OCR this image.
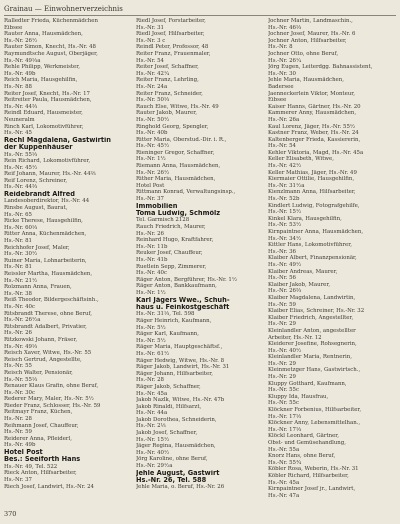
Grainau — Einwohnerverzeichnis
Ralledter Frieda, Küchenmädchen
Eibsee
Rauter Anna, Hausmädchen,
Hs.-Nr. 26½
Rauter Simon, Knecht, Hs.-Nr. 48
Raymundtsche August, Oberjäger,
Hs.-Nr. 49⅓a
Rehle Philipp, Werkmeister,
Hs.-Nr. 49b
Reich Maria, Hausgehilfin,
Hs.-Nr. 88
Reiter Josef, Knecht, Hs.-Nr. 17
Reitreiter Paula, Hausmädchen,
Hs.-Nr. 44⅔
Reindl Eduard, Hausmeister,
Neuneralm
Rinch Karl, Lokomotivführer,
Hs.-Nr. 45
Rechl Magdalena, Gastwirtin
der Kuppenhäuser
Hs.-Nr. 55⅓
Rein Richard, Lokomotivführer,
Hs.-Nr. 45½
Reif Johann, Maurer, Hs.-Nr. 44⅔
Reif Lorenz, Schreiner,
Hs.-Nr. 44⅔
Reidebrandt Alfred
Landesoberdirektor, Hs.-Nr. 44
Rinsbe August, Baurat,
Hs.-Nr. 65
Ricke Therese, Hausgehilfin,
Hs.-Nr. 60⅓
Ritter Anna, Küchenmädchen,
Hs.-Nr. 81
Reichhofer Josef, Maler,
Hs.-Nr. 30½
Ruiner Maria, Lohnarbeiterin,
Hs.-Nr. 81
Reissler Martha, Hausmädchen,
Hs.-Nr. 21½
Rolzmann Anna, Frauen,
Hs.-Nr. 38
Reiß Theodor, Bildergeschäftsinh.,
Hs.-Nr. 40c
Ritsbrandt Therese, ohne Beruf,
Hs.-Nr. 26½a
Ritsbrandt Adalbert, Privatier,
Hs.-Nr. 26
Ritzkowski Johann, Fräser,
Hs.-Nr. 49⅓
Reisch Xaver, Witwe, Hs.-Nr. 55
Reisch Gertrud, Angestellte,
Hs.-Nr. 55
Reisch Walter, Pensionär,
Hs.-Nr. 55⅓
Renauer Klaus Grafin, ohne Beruf,
Hs.-Nr. 30c
Rederer Mary, Maler, Hs.-Nr. 5½
Rieder Franz, Schlosser, Hs.-Nr. 59
Reitmayr Franz, Küchen,
Hs.-Nr. 28
Reihmann Josef, Chauffeur,
Hs.-Nr. 59
Reiderer Anna, Pfleiderl,
Hs.-Nr. 49b
Hotel Post
Bes.: Seeiforth Hans
Hs.-Nr. 49, Tel. 522
Rieck Anton, Hilfsarbeiter,
Hs.-Nr. 37
Riech Josef, Landwirt, Hs.-Nr. 24
Riedl Josef, Forstarbeiter,
Hs.-Nr. 31
Riedl Josef, Hilfsarbeiter,
Hs.-Nr. 3 c
Reindl Peter, Professor, 48
Reiter Franz, Frauenmaler,
Hs.-Nr. 54
Reiter Josef, Schaffner,
Hs.-Nr. 42¼
Reiter Franz, Lehrling,
Hs.-Nr. 24a
Reiter Franz, Schneider,
Hs.-Nr. 50⅓
Rauch Else, Witwe, Hs.-Nr. 49
Rauter Jakob, Maurer,
Hs.-Nr. 50½
Ringhold Georg, Spengler,
Hs.-Nr. 40b
Ritter Maria, Oberstud.-Dir. i. R.,
Hs.-Nr. 45½
Rieninger Gregor, Schaffner,
Hs.-Nr. 1½
Riemann Anna, Hausmädchen,
Hs.-Nr. 26½
Rither Maria, Hausmädchen,
Hotel Post
Rittmann Konrad, Verwaltungsinsp.,
Hs.-Nr. 37
Immobilien
Toma Ludwig, Schmölz
Tel. Garmisch 2128
Rauch Friedrich, Maurer,
Hs.-Nr. 26
Reinhard Hugo, Kraftfahrer,
Hs.-Nr. 11b
Reuker Josef, Chauffeur,
Hs.-Nr. 41b
Ruetlein Sepp, Zimmerer,
Hs.-Nr. 40c
Räger Anton, Bergführer, Hs.-Nr. 1½
Räger Anton, Bankkaufmann,
Hs.-Nr. 1½
Karl Jägers Wwe., Schuh-
haus u. Feinkostgeschäft
Hs.-Nr. 31⅓, Tel. 598
Räger Heinrich, Kaufmann,
Hs.-Nr. 5½
Räger Karl, Kaufmann,
Hs.-Nr. 5½
Räger Maria, Hauptgeschäftsf.,
Hs.-Nr. 61½
Räger Hedwig, Witwe, Hs.-Nr. 8
Räger Jakob, Landwirt, Hs.-Nr. 31
Räger Johann, Hilfsarbeiter,
Hs.-Nr. 28
Räger Jakob, Schaffner,
Hs.-Nr. 45a
Jakob Nazlk, Witwe, Hs.-Nr. 47b
Jakob Rinaldi, Hilfsarzt,
Hs.-Nr. 44a
Jakob Dorothea, Schneiderin,
Hs.-Nr. 2⅓
Jakob Josef, Schaffner,
Hs.-Nr. 15½
Jäger Regina, Hausmädchen,
Hs.-Nr. 40½
Jörg Karoline, ohne Beruf,
Hs.-Nr. 29½a
Jehle August, Gastwirt
Hs.-Nr. 26, Tel. 588
Jehle Maria, o. Beruf, Hs.-Nr. 26
Jochner Martin, Landmaschin.,
Hs.-Nr. 46⅓
Jochner Josef, Maurer, Hs.-Nr. 6
Jochner Anton, Hilfsarbeiter,
Hs.-Nr. 8
Jochner Otto, ohne Beruf,
Hs.-Nr. 26¼
Jörg Eugen, Leiterdgg. Bahnassistent,
Hs.-Nr. 30
Jehle Maria, Hausmädchen,
Badersee
Jaenneckerlein Viktor, Monteur,
Eibsee
Kaiser Hanns, Gärtner, Hs.-Nr. 20
Kammerer Anny, Hausmädchen,
Hs.-Nr. 26a
Kaul Lorenz, Jäger, Hs.-Nr. 55½
Kastner Franz, Weber, Hs.-Nr. 24
Kaltenberger Frieda, Kassiererin,
Hs.-Nr. 54
Kehler Viktoria, Magd, Hs.-Nr. 45a
Keller Elisabeth, Witwe,
Hs.-Nr. 42½
Keller Mathias, Jäger, Hs.-Nr. 49
Kiermaier Ottilie, Hausgehilfin,
Hs.-Nr. 31½a
Kienzlmann Anna, Hilfsarbeiter,
Hs.-Nr. 52b
Kindlert Ludwig, Fotografgehilfe,
Hs.-Nr. 15½
Kinkel Klara, Hausgehilfin,
Hs.-Nr. 53½
Kirnpaintner Anna, Hausmädchen,
Hs.-Nr. 34½
Kittler Hans, Lokomotivführer,
Hs.-Nr. 36
Klaiber Albert, Finanzpensionär,
Hs.-Nr. 49½
Klaiber Andreas, Maurer,
Hs.-Nr. 56
Klaiber Jakob, Maurer,
Hs.-Nr. 26⅔
Klaiber Magdalena, Landwirtin,
Hs.-Nr. 59
Klaiber Elias, Schreiner, Hs.-Nr. 32
Klaiber Friedrich, Angestellter,
Hs.-Nr. 29
Kleinlandler Anton, angestellter
Arbeiter, Hs.-Nr. 12
Kleiderer Josefine, Rohsegnerin,
Hs.-Nr. 40½
Kleinlandler Maria, Rentnerin,
Hs.-Nr. 29
Kleinmetzger Hans, Gastwirtsch.,
Hs.-Nr. 29
Kluppy Gotthard, Kaufmann,
Hs.-Nr. 55c
Kluppy Ida, Hausfrau,
Hs.-Nr. 55c
Klöckner Forbenius, Hilfsarbeiter,
Hs.-Nr. 17⅓
Klöckner Anny, Lebensmittelhan.,
Hs.-Nr. 17⅓
Klöckl Leonhard, Gärtner,
Obst- und Gemüsehandlung,
Hs.-Nr. 55a
Knorz Hans, ohne Beruf,
Hs.-Nr. 55¾
Köbler Rosa, Weberin, Hs.-Nr. 31
Köbler Richard, Hilfsarbeiter,
Hs.-Nr. 45a
Kirnpaintner Josef jr., Landwirt,
Hs.-Nr. 47a
370
